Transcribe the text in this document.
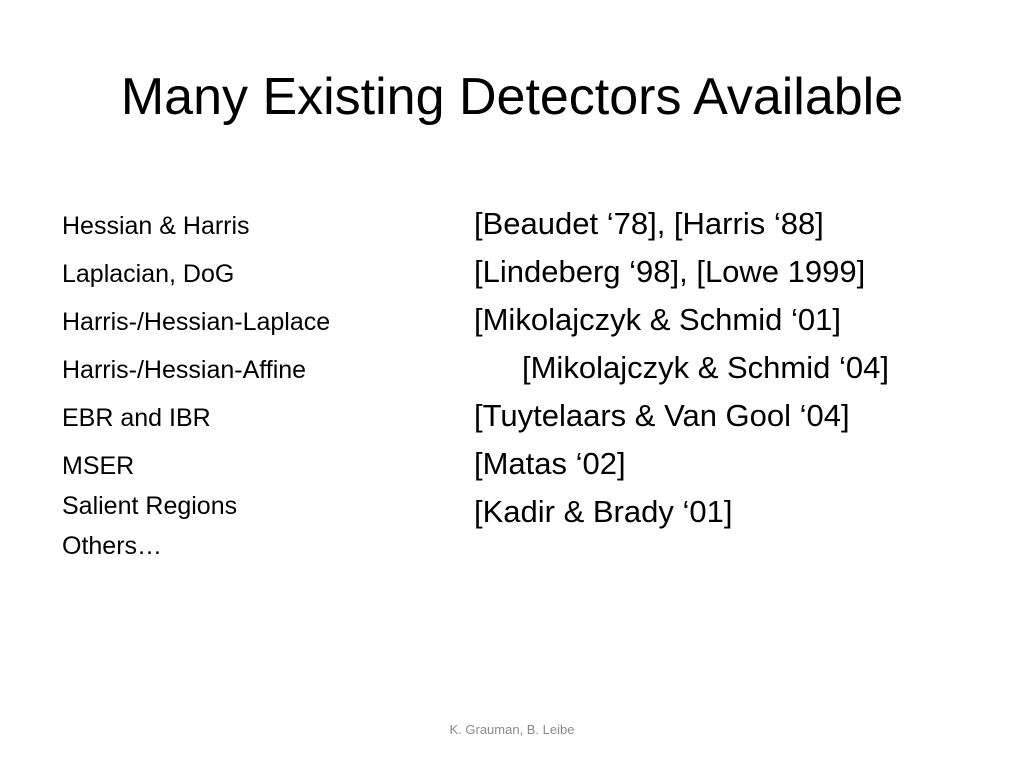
Many Existing Detectors Available
Hessian & Harris
Laplacian, DoG
Harris-/Hessian-Laplace
Harris-/Hessian-Affine
EBR and IBR
MSER
Salient Regions
Others…
[Beaudet ‘78], [Harris ‘88]
[Lindeberg ‘98], [Lowe 1999]
[Mikolajczyk & Schmid ‘01]
[Mikolajczyk & Schmid ‘04]
[Tuytelaars & Van Gool ‘04]
[Matas ‘02]
[Kadir & Brady ‘01]
K. Grauman, B. Leibe
